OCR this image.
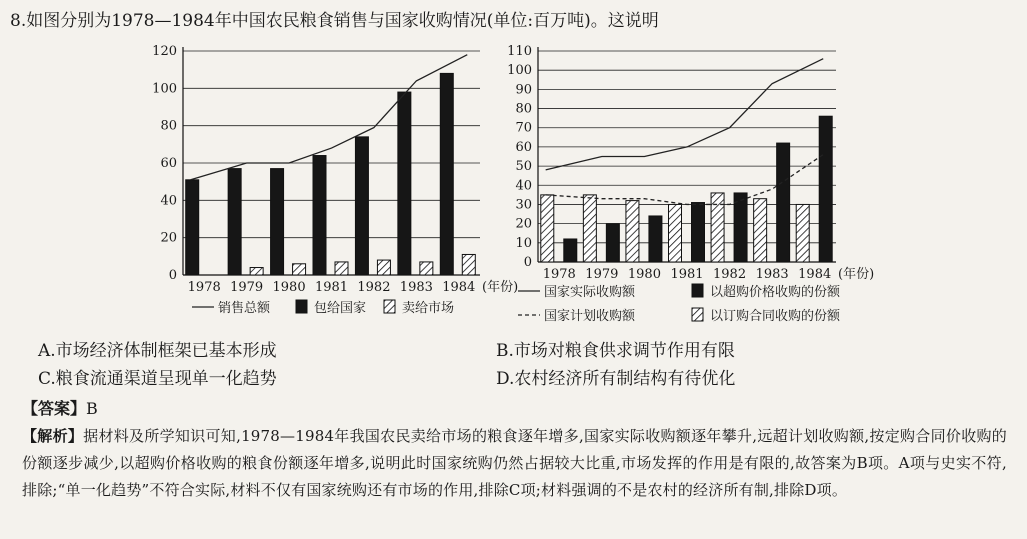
8.如图分别为1978—1984年中国农民粮食销售与国家收购情况(单位:百万吨)。这说明
0
20
40
60
80
100
120
1978 1979 1980 1981 1982 1983 1984 (年份)
销售总额	包给国家	卖给市场
0
10
20
30
40
50
60
70
80
90
100
110
1978 1979 1980 1981 1982 1983 1984 (年份)
国家实际收购额	以超购价格收购的份额
国家计划收购额	以订购合同收购的份额
A.市场经济体制框架已基本形成	B.市场对粮食供求调节作用有限
C.粮食流通渠道呈现单一化趋势	D.农村经济所有制结构有待优化
【答案】B
【解析】据材料及所学知识可知,1978—1984年我国农民卖给市场的粮食逐年增多,国家实际收购额逐年攀升,远超计划收购额,按定购合同价收购的份额逐步减少,以超购价格收购的粮食份额逐年增多,说明此时国家统购仍然占据较大比重,市场发挥的作用是有限的,故答案为B项。A项与史实不符,排除;“单一化趋势”不符合实际,材料不仅有国家统购还有市场的作用,排除C项;材料强调的不是农村的经济所有制,排除D项。
